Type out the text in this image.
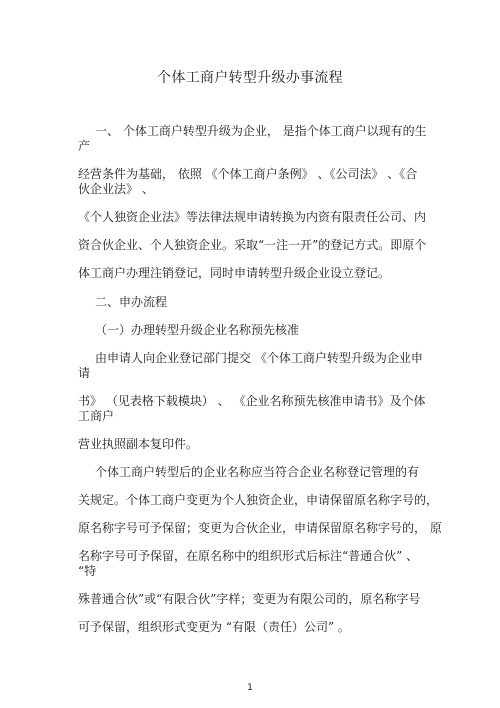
个体工商户转型升级办事流程
一、 个体工商户转型升级为企业， 是指个体工商户以现有的生
产
经营条件为基础， 依照 《个体工商户条例》 、《公司法》 、《合
伙企业法》 、
《个人独资企业法》等法律法规申请转换为内资有限责任公司、内
资合伙企业、个人独资企业。采取“一注一开”的登记方式。即原个
体工商户办理注销登记，同时申请转型升级企业设立登记。
二、申办流程
（一）办理转型升级企业名称预先核准
由申请人向企业登记部门提交 《个体工商户转型升级为企业申
请
书》 （见表格下载模块） 、 《企业名称预先核准申请书》及个体
工商户
营业执照副本复印件。
个体工商户转型后的企业名称应当符合企业名称登记管理的有
关规定。个体工商户变更为个人独资企业，申请保留原名称字号的，
原名称字号可予保留；变更为合伙企业，申请保留原名称字号的， 原
名称字号可予保留，在原名称中的组织形式后标注“普通合伙” 、
“特
殊普通合伙”或“有限合伙”字样；变更为有限公司的，原名称字号
可予保留，组织形式变更为 “有限（责任）公司” 。
1
